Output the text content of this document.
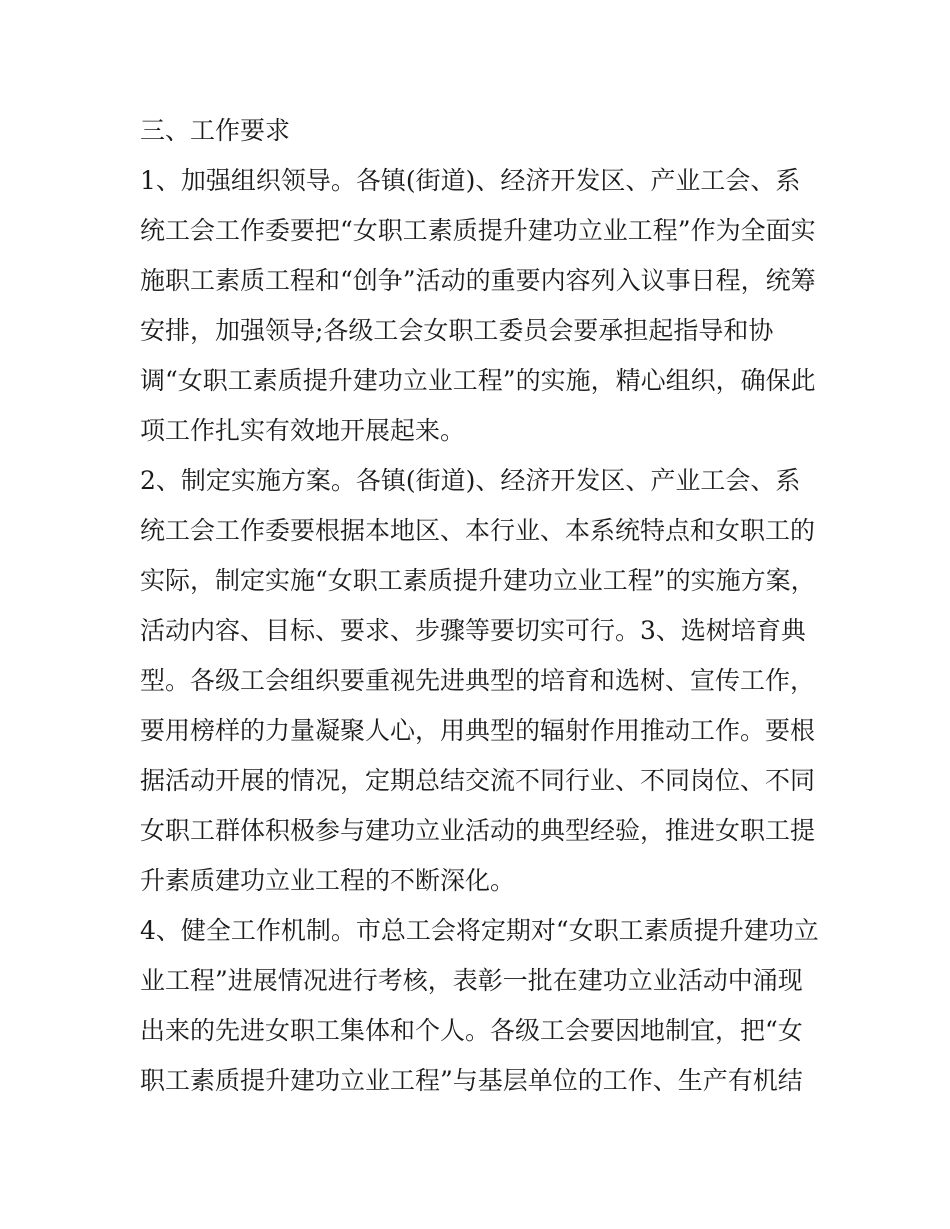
三、工作要求

1、加强组织领导。各镇(街道)、经济开发区、产业工会、系

统工会工作委要把“女职工素质提升建功立业工程”作为全面实

施职工素质工程和“创争”活动的重要内容列入议事日程，统筹

安排，加强领导;各级工会女职工委员会要承担起指导和协

调“女职工素质提升建功立业工程”的实施，精心组织，确保此

项工作扎实有效地开展起来。

2、制定实施方案。各镇(街道)、经济开发区、产业工会、系

统工会工作委要根据本地区、本行业、本系统特点和女职工的

实际，制定实施“女职工素质提升建功立业工程”的实施方案，

活动内容、目标、要求、步骤等要切实可行。3、选树培育典

型。各级工会组织要重视先进典型的培育和选树、宣传工作，

要用榜样的力量凝聚人心，用典型的辐射作用推动工作。要根

据活动开展的情况，定期总结交流不同行业、不同岗位、不同

女职工群体积极参与建功立业活动的典型经验，推进女职工提

升素质建功立业工程的不断深化。

4、健全工作机制。市总工会将定期对“女职工素质提升建功立

业工程”进展情况进行考核，表彰一批在建功立业活动中涌现

出来的先进女职工集体和个人。各级工会要因地制宜，把“女

职工素质提升建功立业工程”与基层单位的工作、生产有机结
